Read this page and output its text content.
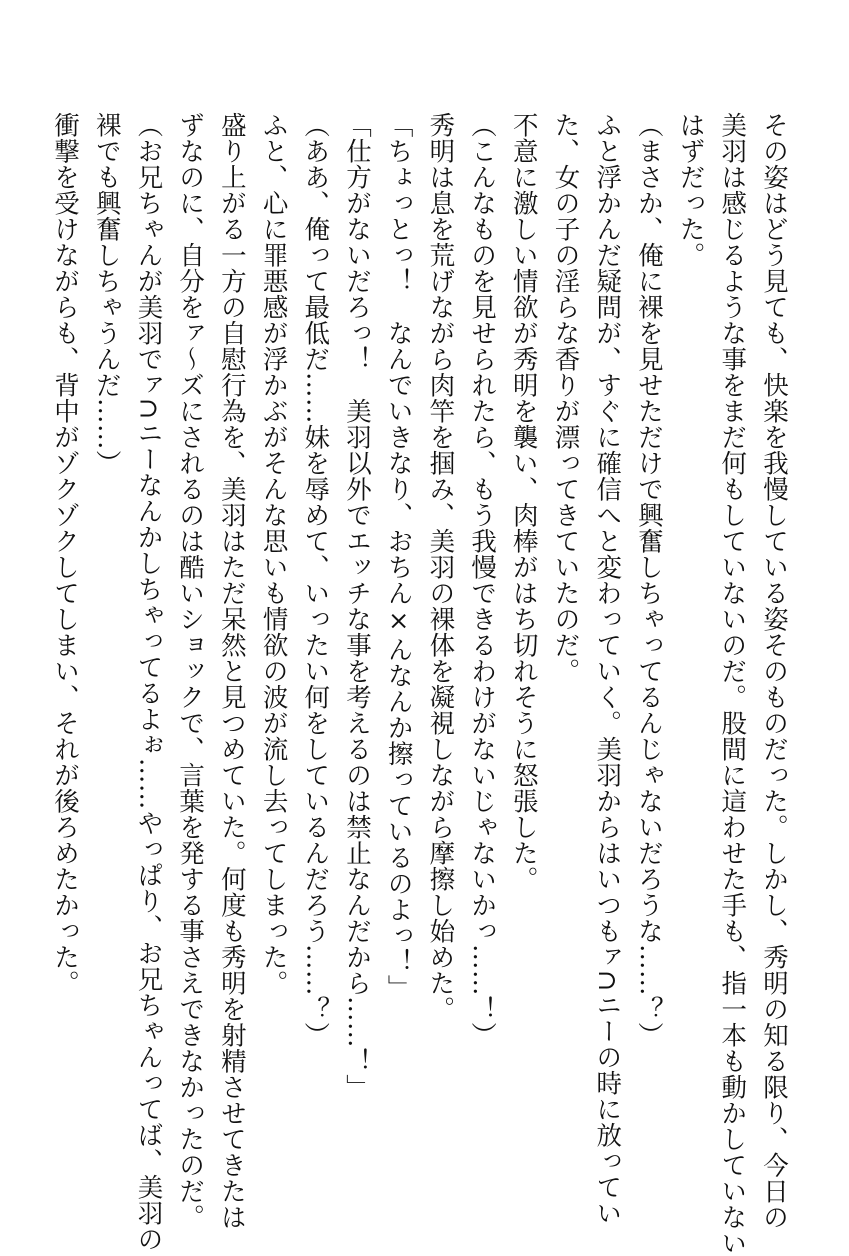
その姿はどう見ても、快楽を我慢している姿そのものだった。しかし、秀明の知る限り、今日の
美羽は感じるような事をまだ何もしていないのだ。股間に這わせた手も、指一本も動かしていない
はずだった。
（まさか、俺に裸を見せただけで興奮しちゃってるんじゃないだろうな……？）
ふと浮かんだ疑問が、すぐに確信へと変わっていく。美羽からはいつもァ∩ニーの時に放ってい
た、女の子の淫らな香りが漂ってきていたのだ。
不意に激しい情欲が秀明を襲い、肉棒がはち切れそうに怒張した。
（こんなものを見せられたら、もう我慢できるわけがないじゃないかっ……！）
秀明は息を荒げながら肉竿を掴み、美羽の裸体を凝視しながら摩擦し始めた。
「ちょっとっ！　なんでいきなり、おちん×んなんか擦っているのよっ！」
「仕方がないだろっ！　美羽以外でエッチな事を考えるのは禁止なんだから……！」
（ああ、俺って最低だ……妹を辱めて、いったい何をしているんだろう……？）
ふと、心に罪悪感が浮かぶがそんな思いも情欲の波が流し去ってしまった。
盛り上がる一方の自慰行為を、美羽はただ呆然と見つめていた。何度も秀明を射精させてきたは
ずなのに、自分をァ～ズにされるのは酷いショックで、言葉を発する事さえできなかったのだ。
（お兄ちゃんが美羽でァ∩ニーなんかしちゃってるよぉ……やっぱり、お兄ちゃんってば、美羽の
裸でも興奮しちゃうんだ……）
衝撃を受けながらも、背中がゾクゾクしてしまい、それが後ろめたかった。
